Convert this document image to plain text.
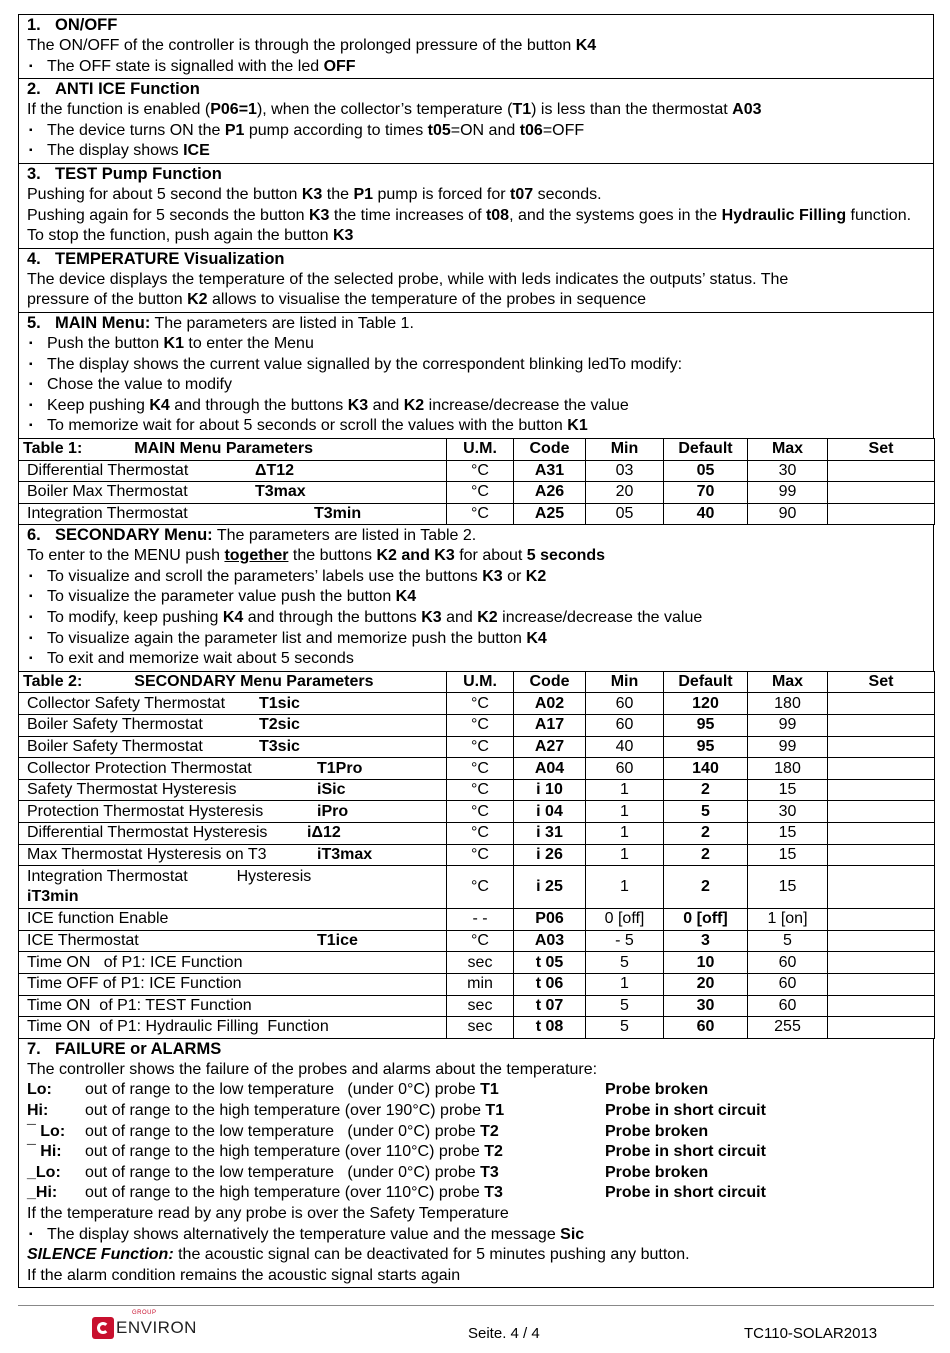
1. ON/OFF

The ON/OFF of the controller is through the prolonged pressure of the button K4

▪ The OFF state is signalled with the led OFF
2. ANTI ICE Function

If the function is enabled (P06=1), when the collector’s temperature (T1) is less than the thermostat A03

▪ The device turns ON the P1 pump according to times t05=ON and t06=OFF
▪ The display shows ICE
3. TEST Pump Function

Pushing for about 5 second the button K3 the P1 pump is forced for t07 seconds.

Pushing again for 5 seconds the button K3 the time increases of t08, and the systems goes in the Hydraulic Filling function. To stop the function, push again the button K3

4. TEMPERATURE Visualization

The device displays the temperature of the selected probe, while with leds indicates the outputs’ status. The

pressure of the button K2 allows to visualise the temperature of the probes in sequence

5. MAIN Menu: The parameters are listed in Table 1.
▪ Push the button K1 to enter the Menu
▪ The display shows the current value signalled by the correspondent blinking ledTo modify:
▪ Chose the value to modify
▪ Keep pushing K4 and through the buttons K3 and K2 increase/decrease the value
▪ To memorize wait for about 5 seconds or scroll the values with the button K1
Table 1: MAIN Menu Parameters	U.M.	Code	Min	Default	Max	Set
Differential Thermostat ΔT12	°C	A31	03	05	30	
Boiler Max Thermostat T3max	°C	A26	20	70	99	
Integration Thermostat T3min	°C	A25	05	40	90	
6. SECONDARY Menu: The parameters are listed in Table 2.

To enter to the MENU push together the buttons K2 and K3 for about 5 seconds

▪ To visualize and scroll the parameters’ labels use the buttons K3 or K2
▪ To visualize the parameter value push the button K4
▪ To modify, keep pushing K4 and through the buttons K3 and K2 increase/decrease the value
▪ To visualize again the parameter list and memorize push the button K4
▪ To exit and memorize wait about 5 seconds
Table 2: SECONDARY Menu Parameters	U.M.	Code	Min	Default	Max	Set
Collector Safety Thermostat T1sic	°C	A02	60	120	180	
Boiler Safety Thermostat T2sic	°C	A17	60	95	99	
Boiler Safety Thermostat T3sic	°C	A27	40	95	99	
Collector Protection Thermostat T1Pro	°C	A04	60	140	180	
Safety Thermostat Hysteresis iSic	°C	i 10	1	2	15	
Protection Thermostat Hysteresis iPro	°C	i 04	1	5	30	
Differential Thermostat Hysteresis iΔ12	°C	i 31	1	2	15	
Max Thermostat Hysteresis on T3 iT3max	°C	i 26	1	2	15	

Integration Thermostat           Hysteresis
iT3min	°C	i 25	1	2	15	
ICE function Enable	- -	P06	0 [off]	0 [off]	1 [on]	
ICE Thermostat T1ice	°C	A03	- 5	3	5	
Time ON   of P1: ICE Function	sec	t 05	5	10	60	
Time OFF of P1: ICE Function	min	t 06	1	20	60	
Time ON  of P1: TEST Function	sec	t 07	5	30	60	
Time ON  of P1: Hydraulic Filling  Function	sec	t 08	5	60	255	
7. FAILURE or ALARMS

The controller shows the failure of the probes and alarms about the temperature:

Lo:	out of range to the low temperature   (under 0°C) probe T1	Probe broken
Hi:	out of range to the high temperature (over 190°C) probe T1	Probe in short circuit
¯ Lo:	out of range to the low temperature   (under 0°C) probe T2	Probe broken
¯ Hi:	out of range to the high temperature (over 110°C) probe T2	Probe in short circuit
_Lo:	out of range to the low temperature   (under 0°C) probe T3	Probe broken
_Hi:	out of range to the high temperature (over 110°C) probe T3	Probe in short circuit

If the temperature read by any probe is over the Safety Temperature

▪ The display shows alternatively the temperature value and the message Sic

SILENCE Function: the acoustic signal can be deactivated for 5 minutes pushing any button.

If the alarm condition remains the acoustic signal starts again

GROUP
ENVIRON	Seite. 4 / 4	TC110-SOLAR2013
